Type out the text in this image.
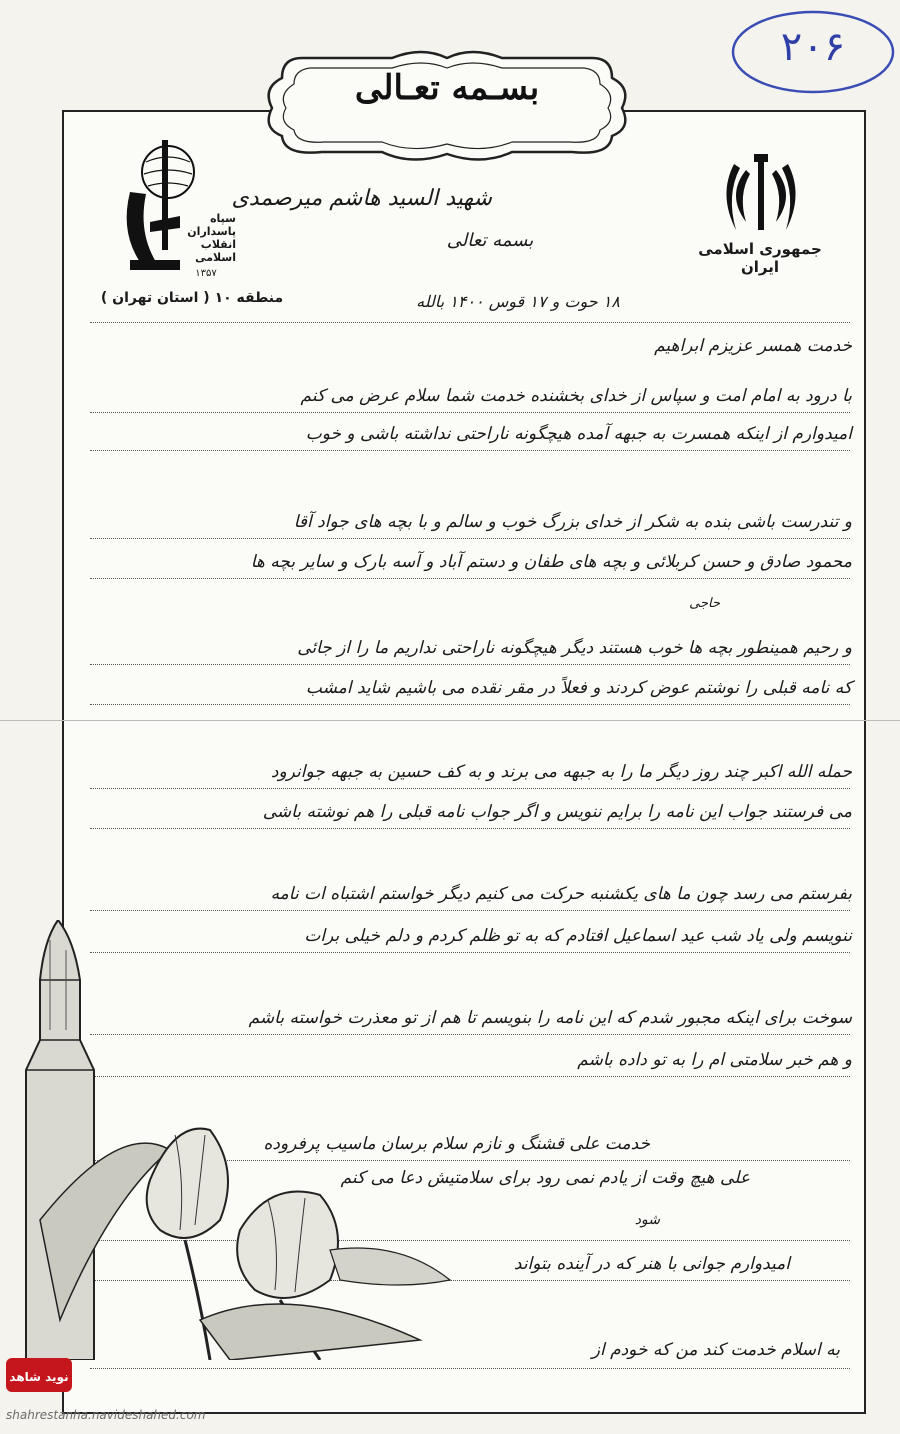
۲۰۶
بسـمه تعـالی
جمهوری اسلامی ایران
سپاه
پاسداران
انقلاب
اسلامی
۱۳۵۷
منطقه ۱۰ ( استان تهران )
شهید السید هاشم میرصمدی
بسمه تعالی
۱۸ حوت و ۱۷ قوس ۱۴۰۰ بالله
خدمت همسر عزیزم ابراهیم
با درود به امام امت و سپاس از خدای بخشنده خدمت شما سلام عرض می کنم
امیدوارم از اینکه همسرت به جبهه آمده هیچگونه ناراحتی نداشته باشی و خوب
و تندرست باشی بنده به شکر از خدای بزرگ خوب و سالم و با بچه های جواد آقا
محمود صادق و حسن کربلائی و بچه های طفان و دستم آباد و آسه بارک و سایر بچه ها
حاجی
و رحیم همینطور بچه ها خوب هستند دیگر هیچگونه ناراحتی نداریم ما را از جائی
که نامه قبلی را نوشتم عوض کردند و فعلاً در مقر نقده می باشیم شاید امشب
حمله الله اکبر چند روز دیگر ما را به جبهه می برند و به کف حسین به جبهه جوانرود
می فرستند جواب این نامه را برایم ننویس و اگر جواب نامه قبلی را هم نوشته باشی
بفرستم می رسد چون ما های یکشنبه حرکت می کنیم دیگر خواستم اشتباه ات نامه
ننویسم ولی یاد شب عید اسماعیل افتادم که به تو ظلم کردم و دلم خیلی برات
سوخت برای اینکه مجبور شدم که این نامه را بنویسم تا هم از تو معذرت خواسته باشم
و هم خبر سلامتی ام را به تو داده باشم
خدمت علی قشنگ و نازم سلام برسان ماسیب پرفروده
علی هیچ وقت از یادم نمی رود برای سلامتیش دعا می کنم
شود
امیدوارم جوانی با هنر که در آینده بتواند
به اسلام خدمت کند من که خودم از
نوید شاهد
shahrestanha.navideshahed.com
